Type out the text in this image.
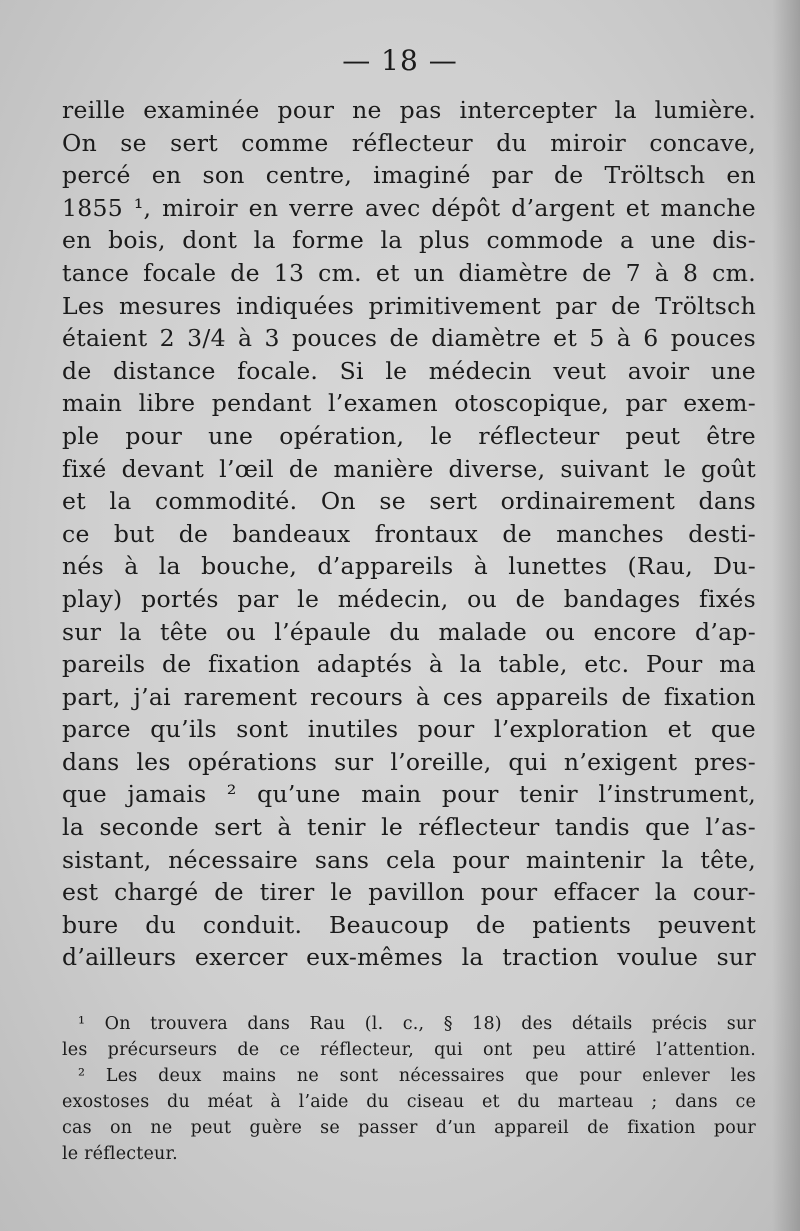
— 18 —
reille examinée pour ne pas intercepter la lumière.
On se sert comme réflecteur du miroir concave,
percé en son centre, imaginé par de Tröltsch en
1855 ¹, miroir en verre avec dépôt d’argent et manche
en bois, dont la forme la plus commode a une dis-
tance focale de 13 cm. et un diamètre de 7 à 8 cm.
Les mesures indiquées primitivement par de Tröltsch
étaient 2 3/4 à 3 pouces de diamètre et 5 à 6 pouces
de distance focale. Si le médecin veut avoir une
main libre pendant l’examen otoscopique, par exem-
ple pour une opération, le réflecteur peut être
fixé devant l’œil de manière diverse, suivant le goût
et la commodité. On se sert ordinairement dans
ce but de bandeaux frontaux de manches desti-
nés à la bouche, d’appareils à lunettes (Rau, Du-
play) portés par le médecin, ou de bandages fixés
sur la tête ou l’épaule du malade ou encore d’ap-
pareils de fixation adaptés à la table, etc. Pour ma
part, j’ai rarement recours à ces appareils de fixation
parce qu’ils sont inutiles pour l’exploration et que
dans les opérations sur l’oreille, qui n’exigent pres-
que jamais ² qu’une main pour tenir l’instrument,
la seconde sert à tenir le réflecteur tandis que l’as-
sistant, nécessaire sans cela pour maintenir la tête,
est chargé de tirer le pavillon pour effacer la cour-
bure du conduit. Beaucoup de patients peuvent
d’ailleurs exercer eux-mêmes la traction voulue sur
¹ On trouvera dans Rau (l. c., § 18) des détails précis sur
les précurseurs de ce réflecteur, qui ont peu attiré l’attention.
² Les deux mains ne sont nécessaires que pour enlever les
exostoses du méat à l’aide du ciseau et du marteau ; dans ce
cas on ne peut guère se passer d’un appareil de fixation pour
le réflecteur.
